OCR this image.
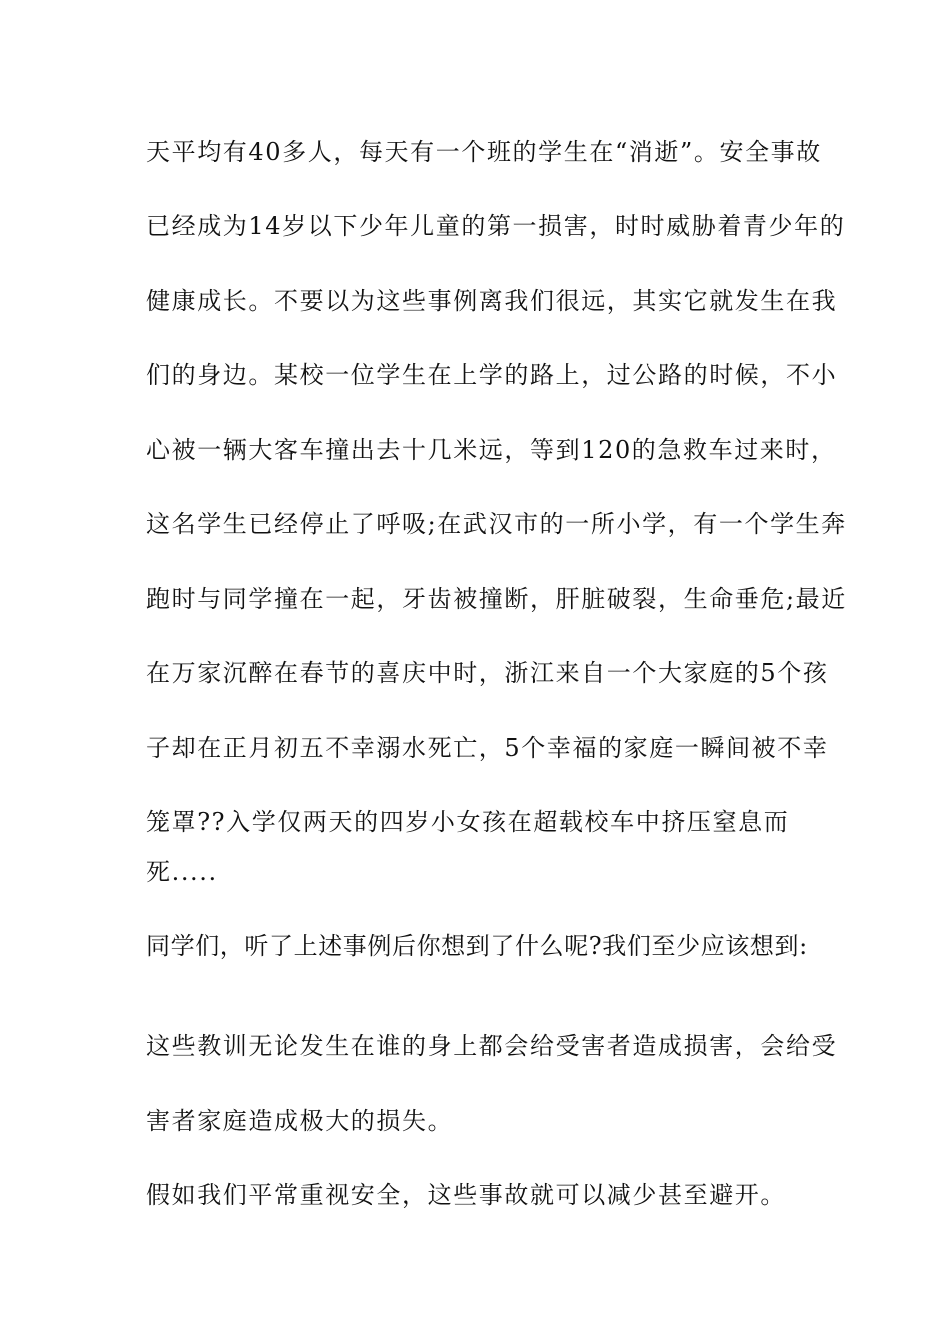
天平均有40多人，每天有一个班的学生在“消逝”。安全事故
已经成为14岁以下少年儿童的第一损害，时时威胁着青少年的
健康成长。不要以为这些事例离我们很远，其实它就发生在我
们的身边。某校一位学生在上学的路上，过公路的时候，不小
心被一辆大客车撞出去十几米远，等到120的急救车过来时，
这名学生已经停止了呼吸;在武汉市的一所小学，有一个学生奔
跑时与同学撞在一起，牙齿被撞断，肝脏破裂，生命垂危;最近
在万家沉醉在春节的喜庆中时，浙江来自一个大家庭的5个孩
子却在正月初五不幸溺水死亡，5个幸福的家庭一瞬间被不幸
笼罩??入学仅两天的四岁小女孩在超载校车中挤压窒息而
死.....
同学们，听了上述事例后你想到了什么呢?我们至少应该想到:
这些教训无论发生在谁的身上都会给受害者造成损害，会给受
害者家庭造成极大的损失。
假如我们平常重视安全，这些事故就可以减少甚至避开。
